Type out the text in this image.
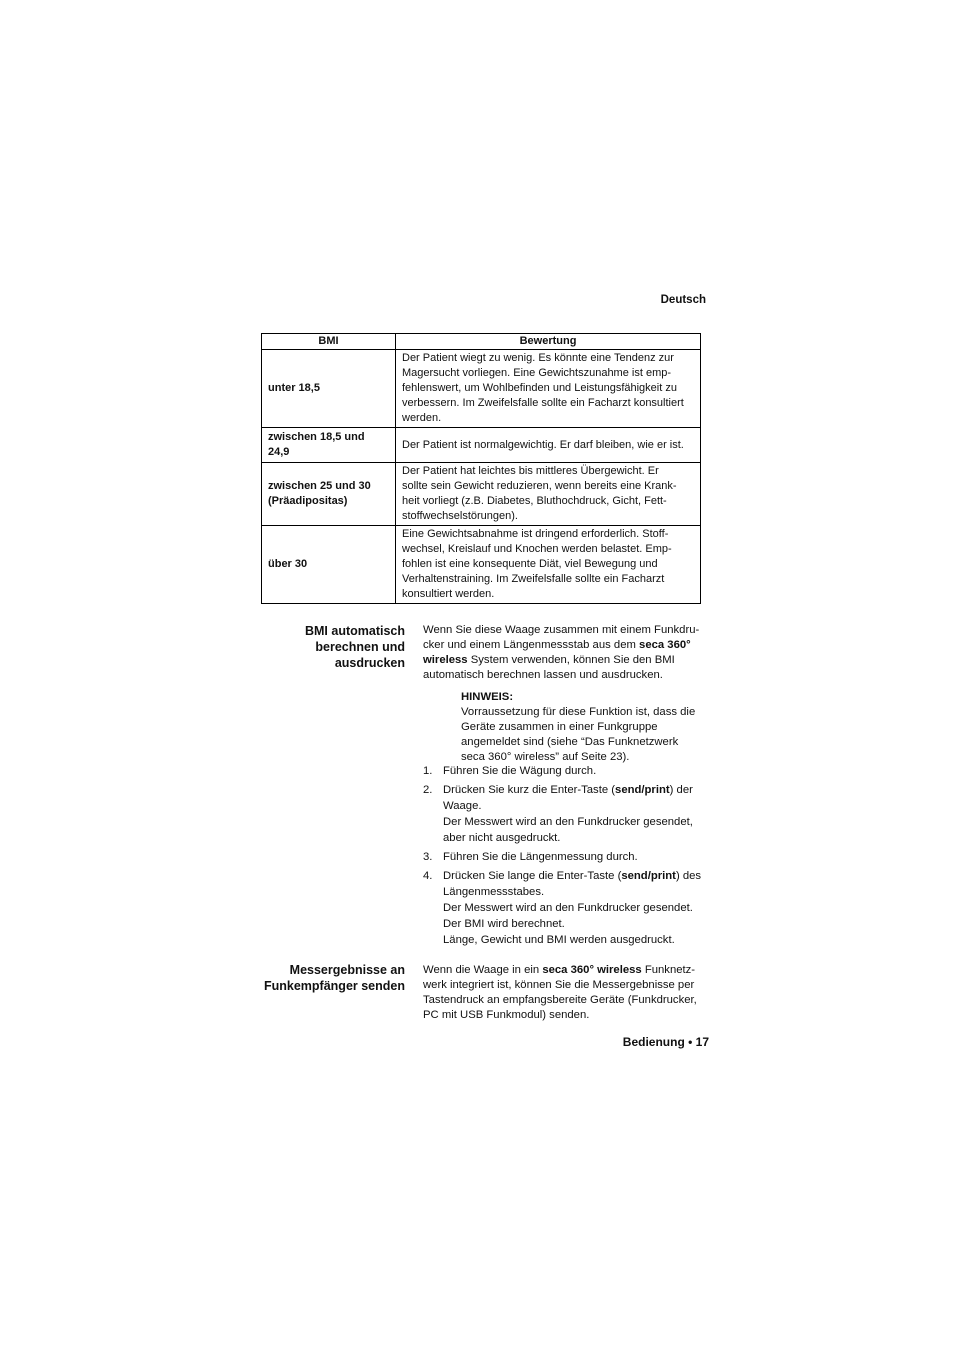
Deutsch
BMI	Bewertung
unter 18,5	Der Patient wiegt zu wenig. Es könnte eine Tendenz zur
Magersucht vorliegen. Eine Gewichtszunahme ist emp-
fehlenswert, um Wohlbefinden und Leistungsfähigkeit zu
verbessern. Im Zweifelsfalle sollte ein Facharzt konsultiert
werden.
zwischen 18,5 und 24,9	Der Patient ist normalgewichtig. Er darf bleiben, wie er ist.
zwischen 25 und 30 (Präadipositas)	Der Patient hat leichtes bis mittleres Übergewicht. Er
sollte sein Gewicht reduzieren, wenn bereits eine Krank-
heit vorliegt (z.B. Diabetes, Bluthochdruck, Gicht, Fett-
stoffwechselstörungen).
über 30	Eine Gewichtsabnahme ist dringend erforderlich. Stoff-
wechsel, Kreislauf und Knochen werden belastet. Emp-
fohlen ist eine konsequente Diät, viel Bewegung und
Verhaltenstraining. Im Zweifelsfalle sollte ein Facharzt
konsultiert werden.
BMI automatisch
berechnen und
ausdrucken
Wenn Sie diese Waage zusammen mit einem Funkdru-
cker und einem Längenmessstab aus dem seca 360°
wireless System verwenden, können Sie den BMI
automatisch berechnen lassen und ausdrucken.
HINWEIS:
Vorraussetzung für diese Funktion ist, dass die
Geräte zusammen in einer Funkgruppe
angemeldet sind (siehe “Das Funknetzwerk
seca 360° wireless” auf Seite 23).
1. Führen Sie die Wägung durch.
2. Drücken Sie kurz die Enter-Taste (send/print) der
Waage.
Der Messwert wird an den Funkdrucker gesendet,
aber nicht ausgedruckt.
3. Führen Sie die Längenmessung durch.
4. Drücken Sie lange die Enter-Taste (send/print) des
Längenmessstabes.
Der Messwert wird an den Funkdrucker gesendet.
Der BMI wird berechnet.
Länge, Gewicht und BMI werden ausgedruckt.
Messergebnisse an
Funkempfänger senden
Wenn die Waage in ein seca 360° wireless Funknetz-
werk integriert ist, können Sie die Messergebnisse per
Tastendruck an empfangsbereite Geräte (Funkdrucker,
PC mit USB Funkmodul) senden.
Bedienung • 17
